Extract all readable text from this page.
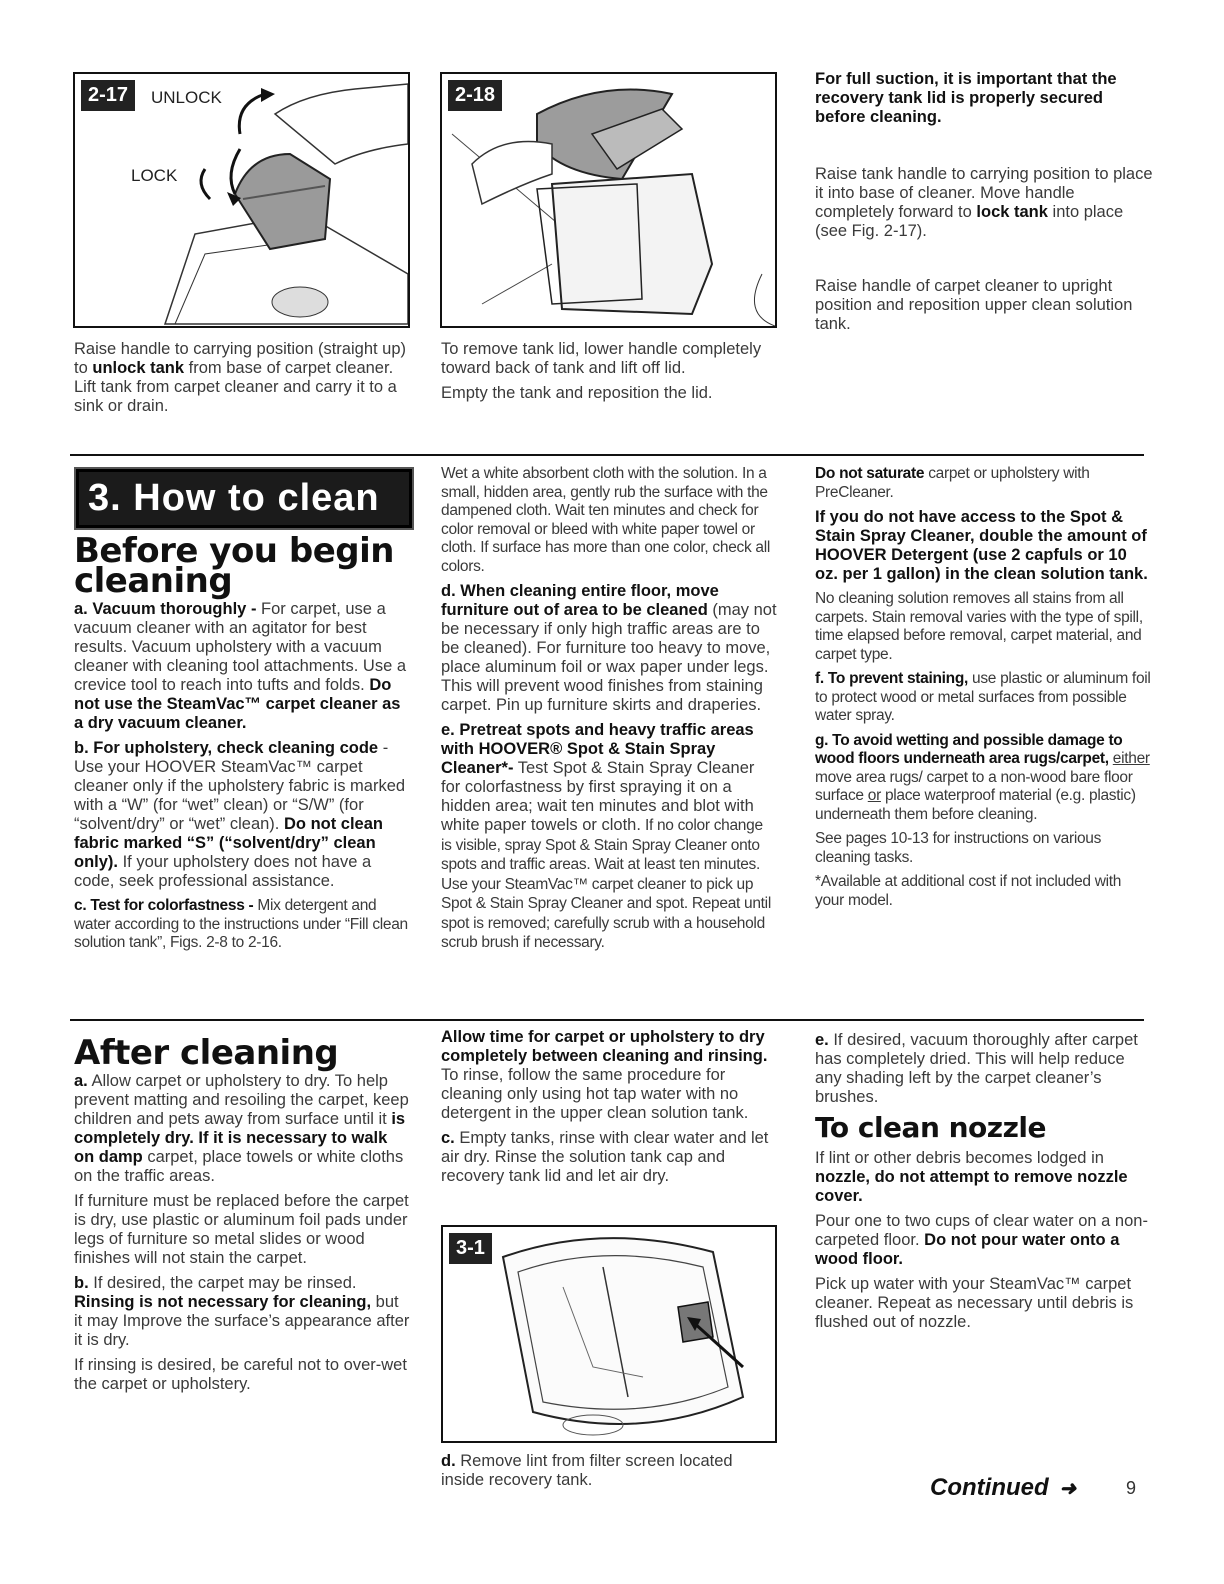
2-17	UNLOCK
LOCK

Raise handle to carrying position (straight up) to unlock tank from base of carpet cleaner. Lift tank from carpet cleaner and carry it to a sink or drain.

2-18

To remove tank lid, lower handle completely toward back of tank and lift off lid.

Empty the tank and reposition the lid.

For full suction, it is important that the recovery tank lid is properly secured before cleaning.

Raise tank handle to carrying position to place it into base of cleaner. Move handle completely forward to lock tank into place (see Fig. 2-17).

Raise handle of carpet cleaner to upright position and reposition upper clean solution tank.

3. How to clean
Before you begin cleaning

a. Vacuum thoroughly - For carpet, use a vacuum cleaner with an agitator for best results. Vacuum upholstery with a vacuum cleaner with cleaning tool attachments. Use a crevice tool to reach into tufts and folds. Do not use the SteamVac™ carpet cleaner as a dry vacuum cleaner.

b. For upholstery, check cleaning code - Use your HOOVER SteamVac™ carpet cleaner only if the upholstery fabric is marked with a “W” (for “wet” clean) or “S/W” (for “solvent/dry” or “wet” clean). Do not clean fabric marked “S” (“solvent/dry” clean only). If your upholstery does not have a code, seek professional assistance.

c. Test for colorfastness - Mix detergent and water according to the instructions under “Fill clean solution tank”, Figs. 2-8 to 2-16.

Wet a white absorbent cloth with the solution. In a small, hidden area, gently rub the surface with the dampened cloth. Wait ten minutes and check for color removal or bleed with white paper towel or cloth. If surface has more than one color, check all colors.

d. When cleaning entire floor, move furniture out of area to be cleaned (may not be necessary if only high traffic areas are to be cleaned). For furniture too heavy to move, place aluminum foil or wax paper under legs. This will prevent wood finishes from staining carpet. Pin up furniture skirts and draperies.

e. Pretreat spots and heavy traffic areas with HOOVER® Spot & Stain Spray Cleaner*- Test Spot & Stain Spray Cleaner for colorfastness by first spraying it on a hidden area; wait ten minutes and blot with white paper towels or cloth. If no color change is visible, spray Spot & Stain Spray Cleaner onto spots and traffic areas. Wait at least ten minutes. Use your SteamVac™ carpet cleaner to pick up Spot & Stain Spray Cleaner and spot. Repeat until spot is removed; carefully scrub with a household scrub brush if necessary.

Do not saturate carpet or upholstery with PreCleaner.

If you do not have access to the Spot & Stain Spray Cleaner, double the amount of HOOVER Detergent (use 2 capfuls or 10 oz. per 1 gallon) in the clean solution tank.

No cleaning solution removes all stains from all carpets. Stain removal varies with the type of spill, time elapsed before removal, carpet material, and carpet type.

f. To prevent staining, use plastic or aluminum foil to protect wood or metal surfaces from possible water spray.

g. To avoid wetting and possible damage to wood floors underneath area rugs/carpet, either move area rugs/ carpet to a non-wood bare floor surface or place waterproof material (e.g. plastic) underneath them before cleaning.

See pages 10-13 for instructions on various cleaning tasks.

*Available at additional cost if not included with your model.

After cleaning

a. Allow carpet or upholstery to dry. To help prevent matting and resoiling the carpet, keep children and pets away from surface until it is completely dry. If it is necessary to walk on damp carpet, place towels or white cloths on the traffic areas.

If furniture must be replaced before the carpet is dry, use plastic or aluminum foil pads under legs of furniture so metal slides or wood finishes will not stain the carpet.

b. If desired, the carpet may be rinsed. Rinsing is not necessary for cleaning, but it may Improve the surface’s appearance after it is dry.

If rinsing is desired, be careful not to over-wet the carpet or upholstery.

Allow time for carpet or upholstery to dry completely between cleaning and rinsing. To rinse, follow the same procedure for cleaning only using hot tap water with no detergent in the upper clean solution tank.

c. Empty tanks, rinse with clear water and let air dry. Rinse the solution tank cap and recovery tank lid and let air dry.

3-1

d. Remove lint from filter screen located inside recovery tank.

e. If desired, vacuum thoroughly after carpet has completely dried. This will help reduce any shading left by the carpet cleaner’s brushes.

To clean nozzle

If lint or other debris becomes lodged in nozzle, do not attempt to remove nozzle cover.

Pour one to two cups of clear water on a non-carpeted floor. Do not pour water onto a wood floor.

Pick up water with your SteamVac™ carpet cleaner. Repeat as necessary until debris is flushed out of nozzle.

Continued ➜	9
